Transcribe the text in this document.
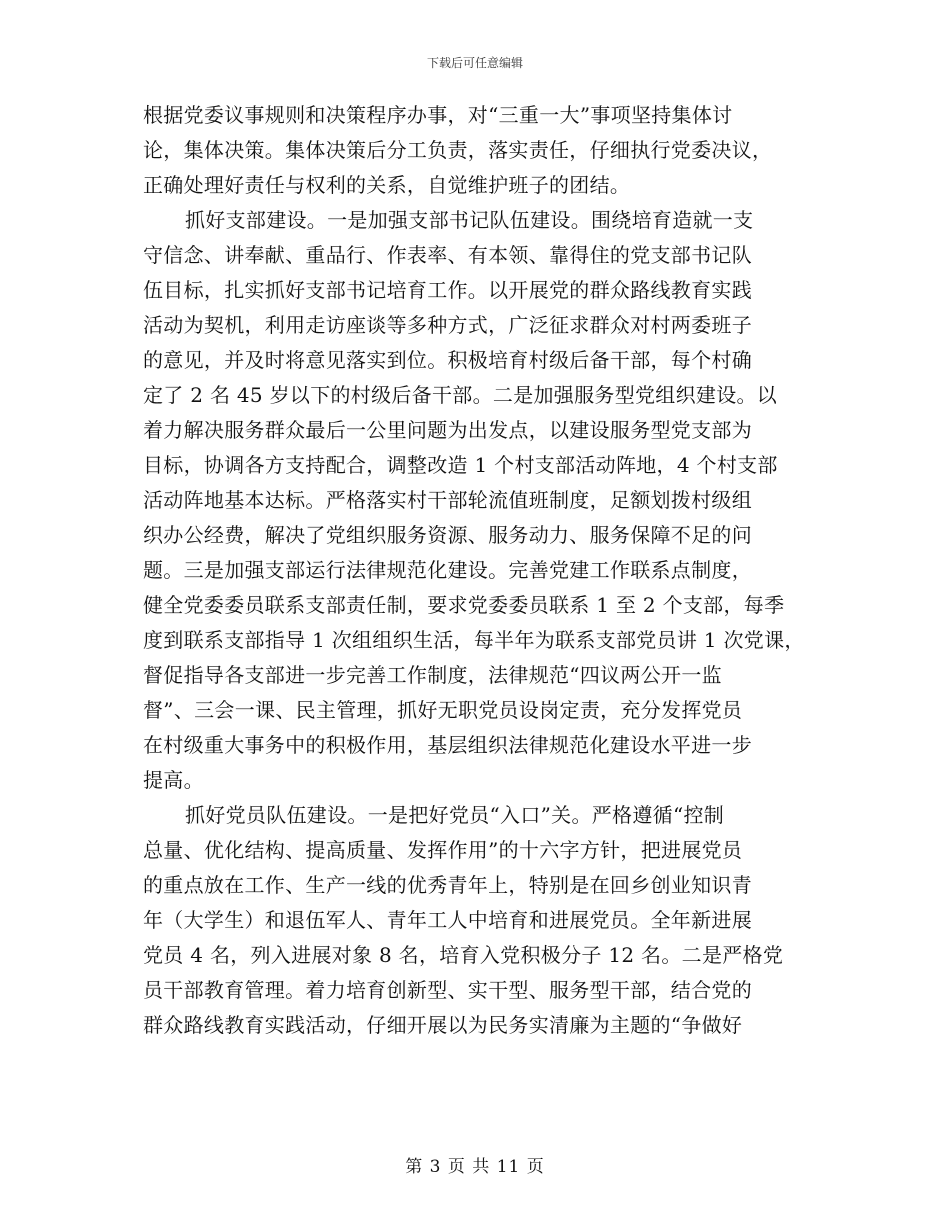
下载后可任意编辑
根据党委议事规则和决策程序办事，对“三重一大”事项坚持集体讨
论，集体决策。集体决策后分工负责，落实责任，仔细执行党委决议，
正确处理好责任与权利的关系，自觉维护班子的团结。
抓好支部建设。一是加强支部书记队伍建设。围绕培育造就一支
守信念、讲奉献、重品行、作表率、有本领、靠得住的党支部书记队
伍目标，扎实抓好支部书记培育工作。以开展党的群众路线教育实践
活动为契机，利用走访座谈等多种方式，广泛征求群众对村两委班子
的意见，并及时将意见落实到位。积极培育村级后备干部，每个村确
定了 2 名 45 岁以下的村级后备干部。二是加强服务型党组织建设。以
着力解决服务群众最后一公里问题为出发点，以建设服务型党支部为
目标，协调各方支持配合，调整改造 1 个村支部活动阵地，4 个村支部
活动阵地基本达标。严格落实村干部轮流值班制度，足额划拨村级组
织办公经费，解决了党组织服务资源、服务动力、服务保障不足的问
题。三是加强支部运行法律规范化建设。完善党建工作联系点制度，
健全党委委员联系支部责任制，要求党委委员联系 1 至 2 个支部，每季
度到联系支部指导 1 次组组织生活，每半年为联系支部党员讲 1 次党课，
督促指导各支部进一步完善工作制度，法律规范“四议两公开一监
督”、三会一课、民主管理，抓好无职党员设岗定责，充分发挥党员
在村级重大事务中的积极作用，基层组织法律规范化建设水平进一步
提高。
抓好党员队伍建设。一是把好党员“入口”关。严格遵循“控制
总量、优化结构、提高质量、发挥作用”的十六字方针，把进展党员
的重点放在工作、生产一线的优秀青年上，特别是在回乡创业知识青
年（大学生）和退伍军人、青年工人中培育和进展党员。全年新进展
党员 4 名，列入进展对象 8 名，培育入党积极分子 12 名。二是严格党
员干部教育管理。着力培育创新型、实干型、服务型干部，结合党的
群众路线教育实践活动，仔细开展以为民务实清廉为主题的“争做好
第 3 页 共 11 页
